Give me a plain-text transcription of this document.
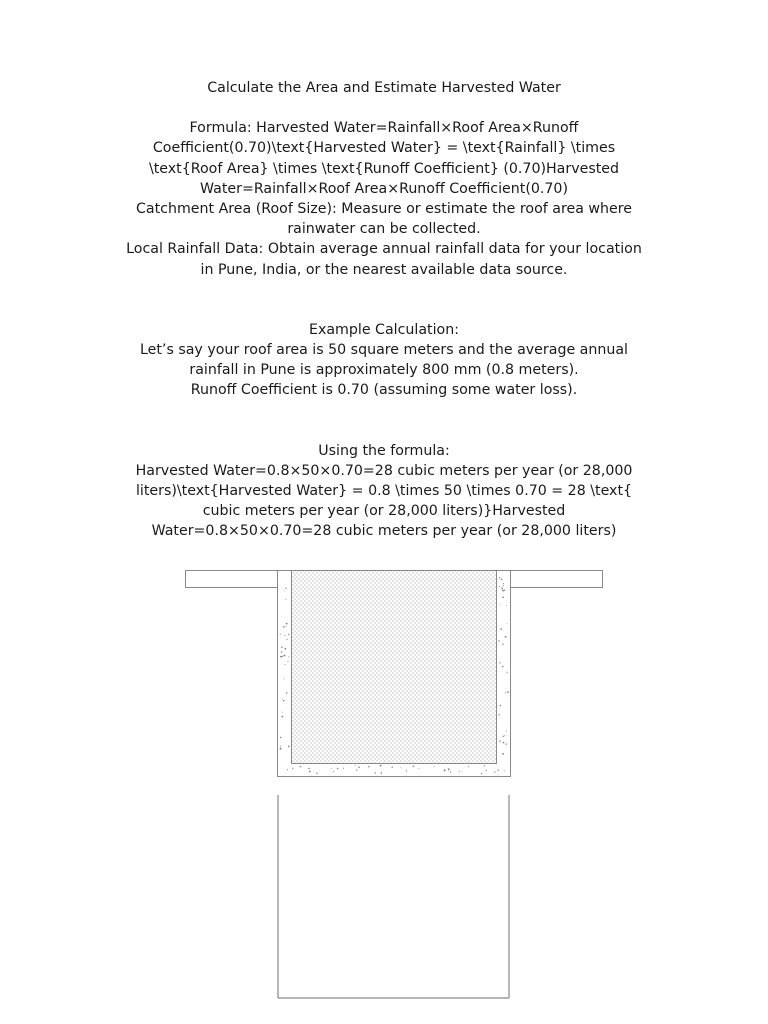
Calculate the Area and Estimate Harvested Water

Formula: Harvested Water=Rainfall×Roof Area×Runoff Coefficient(0.70)\text{Harvested Water} = \text{Rainfall} \times \text{Roof Area} \times \text{Runoff Coefficient} (0.70)Harvested Water=Rainfall×Roof Area×Runoff Coefficient(0.70)

Catchment Area (Roof Size): Measure or estimate the roof area where rainwater can be collected.

Local Rainfall Data: Obtain average annual rainfall data for your location in Pune, India, or the nearest available data source.

Example Calculation:

Let’s say your roof area is 50 square meters and the average annual rainfall in Pune is approximately 800 mm (0.8 meters).

Runoff Coefficient is 0.70 (assuming some water loss).

Using the formula:

Harvested Water=0.8×50×0.70=28 cubic meters per year (or 28,000 liters)\text{Harvested Water} = 0.8 \times 50 \times 0.70 = 28 \text{ cubic meters per year (or 28,000 liters)}Harvested Water=0.8×50×0.70=28 cubic meters per year (or 28,000 liters)
